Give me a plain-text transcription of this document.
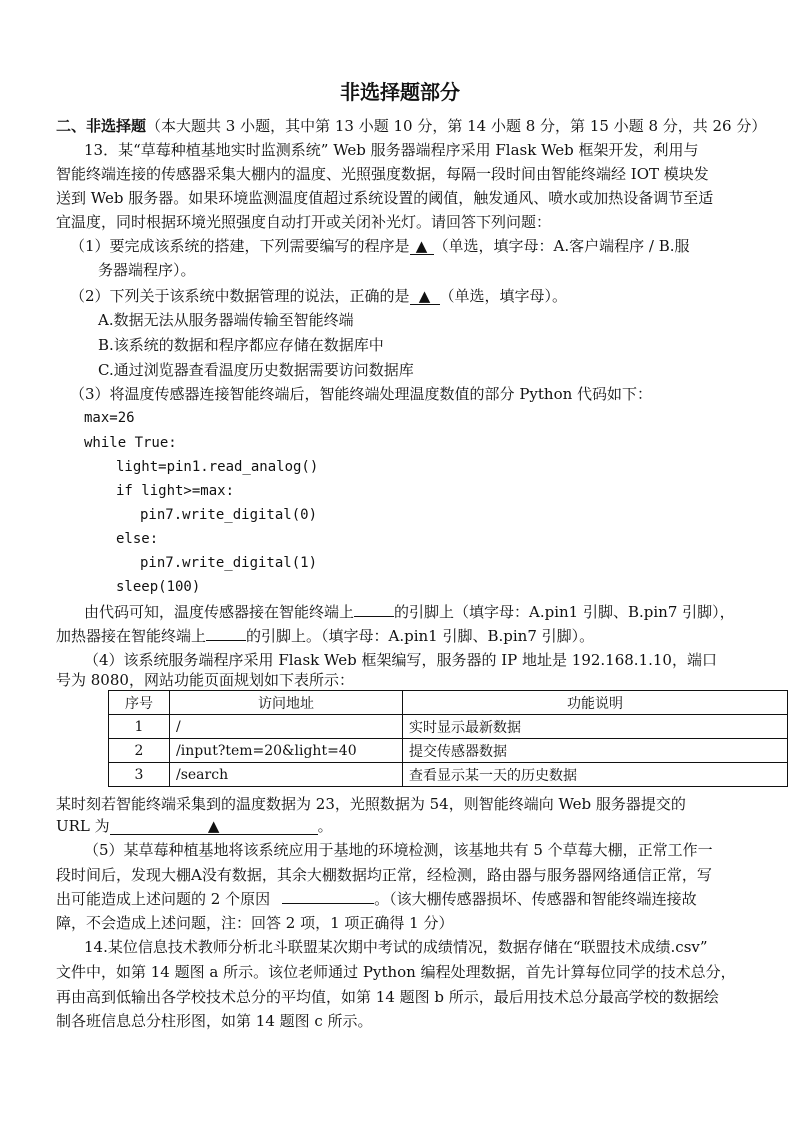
非选择题部分
二、非选择题（本大题共 3 小题，其中第 13 小题 10 分，第 14 小题 8 分，第 15 小题 8 分，共 26 分）
13．某“草莓种植基地实时监测系统” Web 服务器端程序采用 Flask Web 框架开发，利用与
智能终端连接的传感器采集大棚内的温度、光照强度数据，每隔一段时间由智能终端经 IOT 模块发
送到 Web 服务器。如果环境监测温度值超过系统设置的阈值，触发通风、喷水或加热设备调节至适
宜温度，同时根据环境光照强度自动打开或关闭补光灯。请回答下列问题：
（1）要完成该系统的搭建，下列需要编写的程序是 ▲ （单选，填字母：A.客户端程序 / B.服
务器端程序）。
（2）下列关于该系统中数据管理的说法，正确的是 ▲ （单选，填字母）。
A.数据无法从服务器端传输至智能终端
B.该系统的数据和程序都应存储在数据库中
C.通过浏览器查看温度历史数据需要访问数据库
（3）将温度传感器连接智能终端后，智能终端处理温度数值的部分 Python 代码如下：
max=26
while True:
light=pin1.read_analog()
if light>=max:
pin7.write_digital(0)
else:
pin7.write_digital(1)
sleep(100)
由代码可知，温度传感器接在智能终端上	的引脚上（填字母：A.pin1 引脚、B.pin7 引脚），
加热器接在智能终端上	的引脚上。（填字母：A.pin1 引脚、B.pin7 引脚）。
（4）该系统服务端程序采用 Flask Web 框架编写，服务器的 IP 地址是 192.168.1.10，端口
号为 8080，网站功能页面规划如下表所示：
序号	访问地址	功能说明
1	/	实时显示最新数据
2	/input?tem=20&light=40	提交传感器数据
3	/search	查看显示某一天的历史数据
某时刻若智能终端采集到的温度数据为 23，光照数据为 54，则智能终端向 Web 服务器提交的
URL 为	▲	。
（5）某草莓种植基地将该系统应用于基地的环境检测，该基地共有 5 个草莓大棚，正常工作一
段时间后，发现大棚A没有数据，其余大棚数据均正常，经检测，路由器与服务器网络通信正常，写
出可能造成上述问题的 2 个原因	。（该大棚传感器损坏、传感器和智能终端连接故
障，不会造成上述问题，注：回答 2 项，1 项正确得 1 分）
14.某位信息技术教师分析北斗联盟某次期中考试的成绩情况，数据存储在“联盟技术成绩.csv”
文件中，如第 14 题图 a 所示。该位老师通过 Python 编程处理数据，首先计算每位同学的技术总分，
再由高到低输出各学校技术总分的平均值，如第 14 题图 b 所示，最后用技术总分最高学校的数据绘
制各班信息总分柱形图，如第 14 题图 c 所示。
